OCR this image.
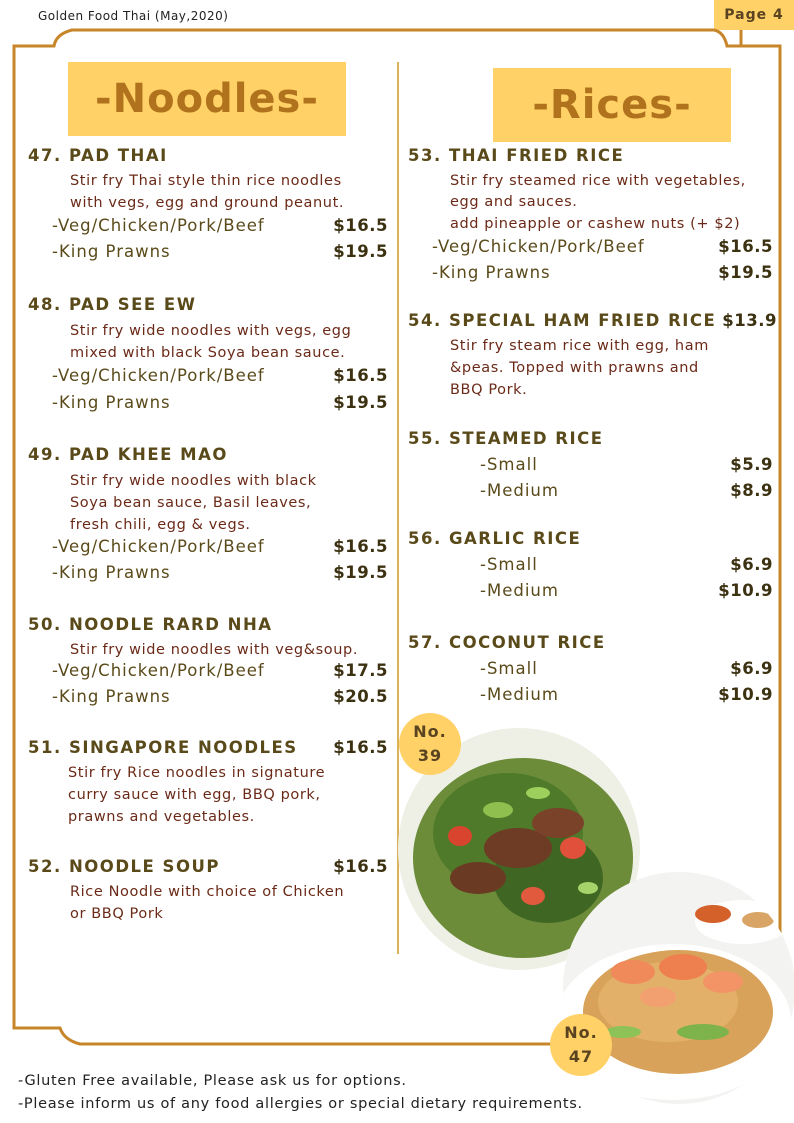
Golden Food Thai (May,2020)	Page 4
-Noodles-
47. PAD THAI
Stir fry Thai style thin rice noodles
with vegs, egg and ground peanut.
-Veg/Chicken/Pork/Beef	$16.5
-King Prawns	$19.5
48. PAD SEE EW
Stir fry wide noodles with vegs, egg
mixed with black Soya bean sauce.
-Veg/Chicken/Pork/Beef	$16.5
-King Prawns	$19.5
49. PAD KHEE MAO
Stir fry wide noodles with black
Soya bean sauce, Basil leaves,
fresh chili, egg & vegs.
-Veg/Chicken/Pork/Beef	$16.5
-King Prawns	$19.5
50. NOODLE RARD NHA
Stir fry wide noodles with veg&soup.
-Veg/Chicken/Pork/Beef	$17.5
-King Prawns	$20.5
51. SINGAPORE NOODLES $16.5
Stir fry Rice noodles in signature
curry sauce with egg, BBQ pork,
prawns and vegetables.
52. NOODLE SOUP	$16.5
Rice Noodle with choice of Chicken
or BBQ Pork
-Rices-
53. THAI FRIED RICE
Stir fry steamed rice with vegetables,
egg and sauces.
add pineapple or cashew nuts (+ $2)
-Veg/Chicken/Pork/Beef	$16.5
-King Prawns	$19.5
54. SPECIAL HAM FRIED RICE $13.9
Stir fry steam rice with egg, ham
&peas. Topped with prawns and
BBQ Pork.
55. STEAMED RICE
-Small	$5.9
-Medium	$8.9
56. GARLIC RICE
-Small	$6.9
-Medium	$10.9
57. COCONUT RICE
-Small	$6.9
-Medium	$10.9
No.
39
No.
47
-Gluten Free available, Please ask us for options.
-Please inform us of any food allergies or special dietary requirements.
